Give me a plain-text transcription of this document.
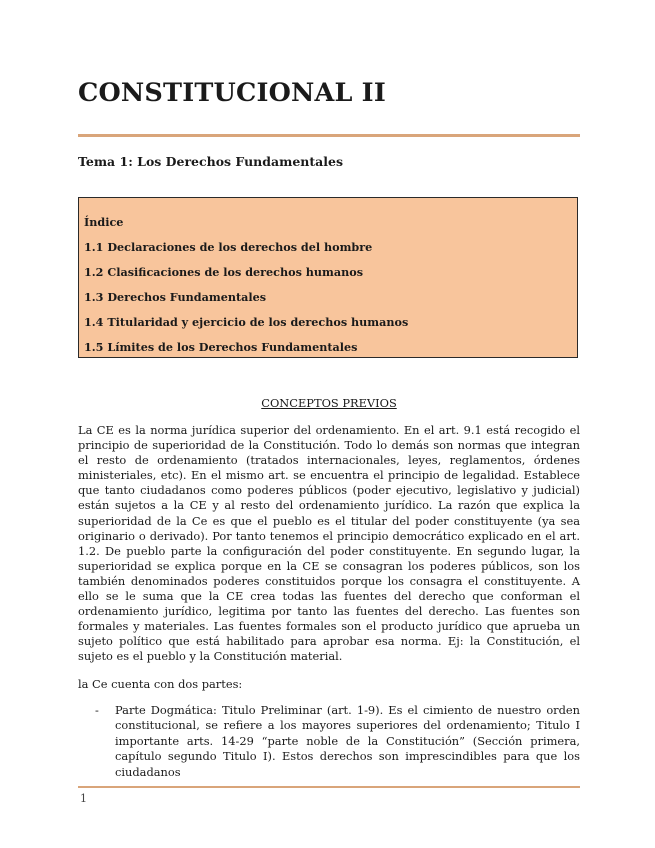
CONSTITUCIONAL II
Tema 1: Los Derechos Fundamentales
Índice
1.1 Declaraciones de los derechos del hombre
1.2 Clasificaciones de los derechos humanos
1.3 Derechos Fundamentales
1.4 Titularidad y ejercicio de los derechos humanos
1.5 Límites de los Derechos Fundamentales
CONCEPTOS PREVIOS
La CE es la norma jurídica superior del ordenamiento. En el art. 9.1 está recogido el principio de superioridad de la Constitución. Todo lo demás son normas que integran el resto de ordenamiento (tratados internacionales, leyes, reglamentos, órdenes ministeriales, etc). En el mismo art. se encuentra el principio de legalidad. Establece que tanto ciudadanos como poderes públicos (poder ejecutivo, legislativo y judicial) están sujetos a la CE y al resto del ordenamiento jurídico. La razón que explica la superioridad de la Ce es que el pueblo es el titular del poder constituyente (ya sea originario o derivado). Por tanto tenemos el principio democrático explicado en el art. 1.2. De pueblo parte la configuración del poder constituyente. En segundo lugar, la superioridad se explica porque en la CE se consagran los poderes públicos, son los también denominados poderes constituidos porque los consagra el constituyente. A ello se le suma que la CE crea todas las fuentes del derecho que conforman el ordenamiento jurídico, legitima por tanto las fuentes del derecho. Las fuentes son formales y materiales. Las fuentes formales son el producto jurídico que aprueba un sujeto político que está habilitado para aprobar esa norma. Ej: la Constitución, el sujeto es el pueblo y la Constitución material.
la Ce cuenta con dos partes:
- Parte Dogmática: Titulo Preliminar (art. 1-9). Es el cimiento de nuestro orden constitucional, se refiere a los mayores superiores del ordenamiento; Titulo I importante arts. 14-29 “parte noble de la Constitución” (Sección primera, capítulo segundo Titulo I). Estos derechos son imprescindibles para que los ciudadanos
1
